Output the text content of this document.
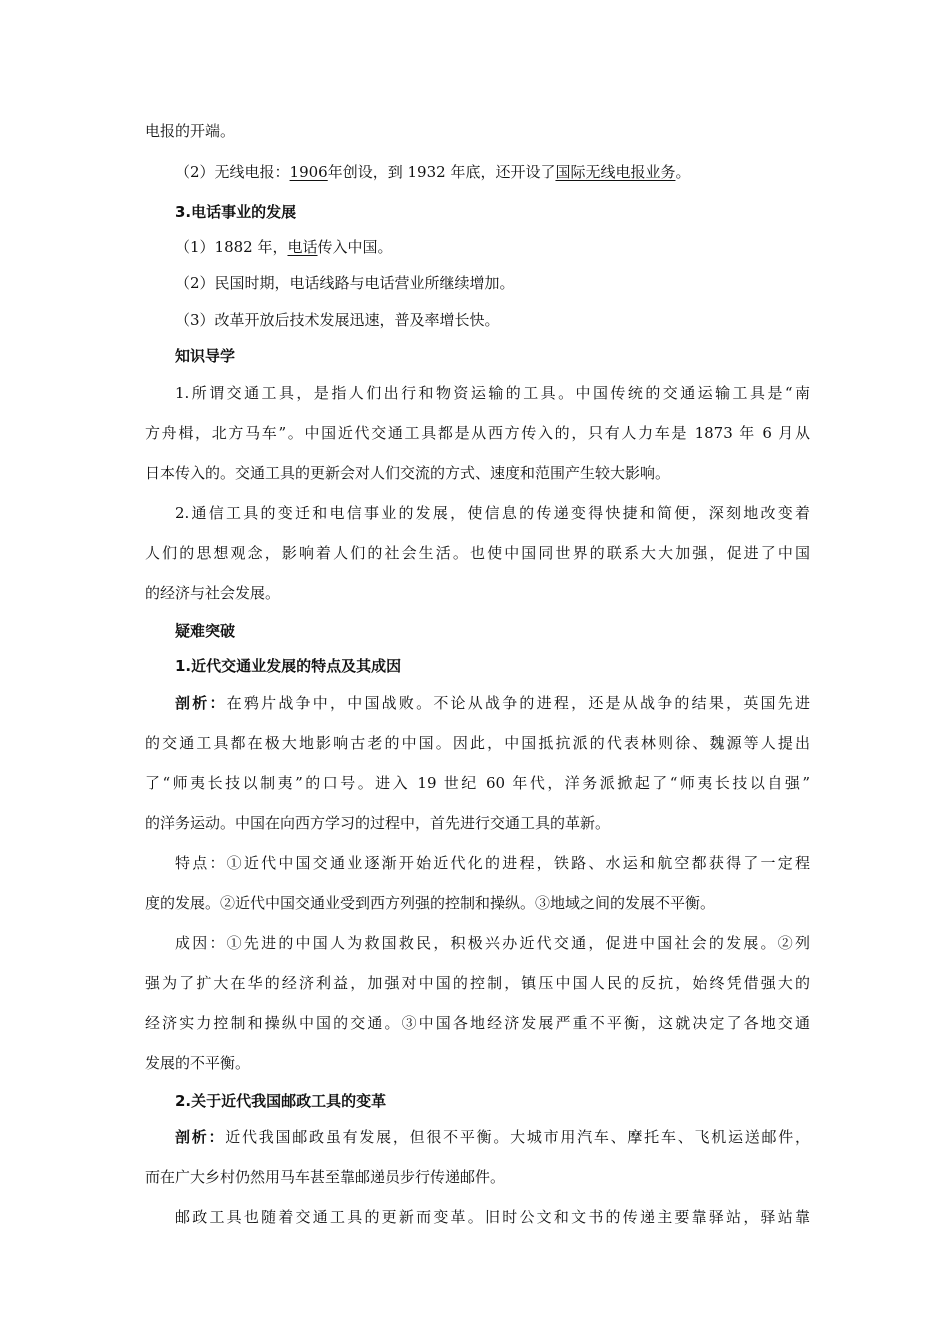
电报的开端。
（2）无线电报：1906年创设，到 1932 年底，还开设了国际无线电报业务。
3.电话事业的发展
（1）1882 年，电话传入中国。
（2）民国时期，电话线路与电话营业所继续增加。
（3）改革开放后技术发展迅速，普及率增长快。
知识导学
1.所谓交通工具，是指人们出行和物资运输的工具。中国传统的交通运输工具是“南
方舟楫，北方马车”。中国近代交通工具都是从西方传入的，只有人力车是 1873 年 6 月从
日本传入的。交通工具的更新会对人们交流的方式、速度和范围产生较大影响。
2.通信工具的变迁和电信事业的发展，使信息的传递变得快捷和简便，深刻地改变着
人们的思想观念，影响着人们的社会生活。也使中国同世界的联系大大加强，促进了中国
的经济与社会发展。
疑难突破
1.近代交通业发展的特点及其成因
剖析：在鸦片战争中，中国战败。不论从战争的进程，还是从战争的结果，英国先进
的交通工具都在极大地影响古老的中国。因此，中国抵抗派的代表林则徐、魏源等人提出
了“师夷长技以制夷”的口号。进入 19 世纪 60 年代，洋务派掀起了“师夷长技以自强”
的洋务运动。中国在向西方学习的过程中，首先进行交通工具的革新。
特点：①近代中国交通业逐渐开始近代化的进程，铁路、水运和航空都获得了一定程
度的发展。②近代中国交通业受到西方列强的控制和操纵。③地域之间的发展不平衡。
成因：①先进的中国人为救国救民，积极兴办近代交通，促进中国社会的发展。②列
强为了扩大在华的经济利益，加强对中国的控制，镇压中国人民的反抗，始终凭借强大的
经济实力控制和操纵中国的交通。③中国各地经济发展严重不平衡，这就决定了各地交通
发展的不平衡。
2.关于近代我国邮政工具的变革
剖析：近代我国邮政虽有发展，但很不平衡。大城市用汽车、摩托车、飞机运送邮件，
而在广大乡村仍然用马车甚至靠邮递员步行传递邮件。
邮政工具也随着交通工具的更新而变革。旧时公文和文书的传递主要靠驿站，驿站靠
